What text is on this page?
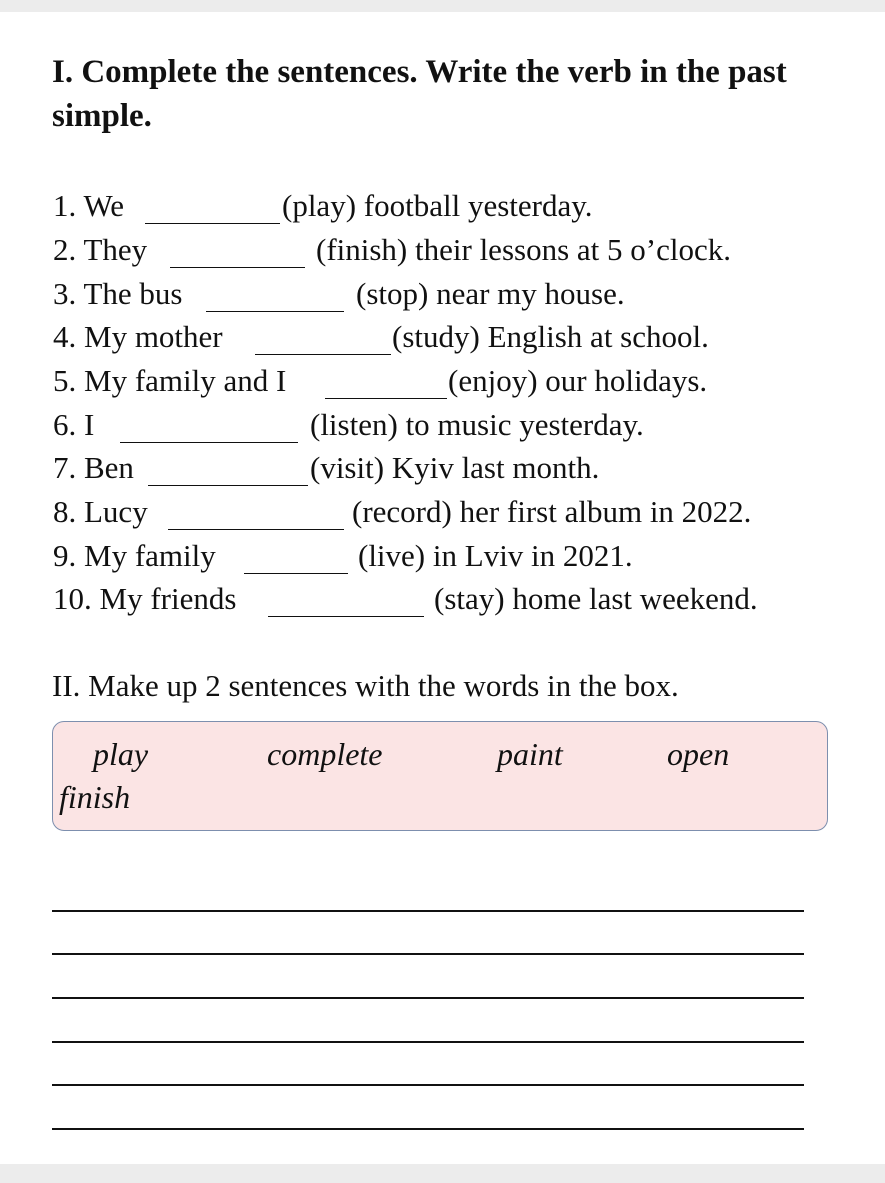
I. Complete the sentences. Write the verb in the past simple.
1. We	(play) football yesterday.
2. They	(finish) their lessons at 5 o’clock.
3. The bus	(stop) near my house.
4. My mother	(study) English at school.
5. My family and I	(enjoy) our holidays.
6. I	(listen) to music yesterday.
7. Ben	(visit) Kyiv last month.
8. Lucy	(record) her first album in 2022.
9. My family	(live) in Lviv in 2021.
10. My friends	(stay) home last weekend.

II. Make up 2 sentences with the words in the box.

play	complete	paint	open
finish
